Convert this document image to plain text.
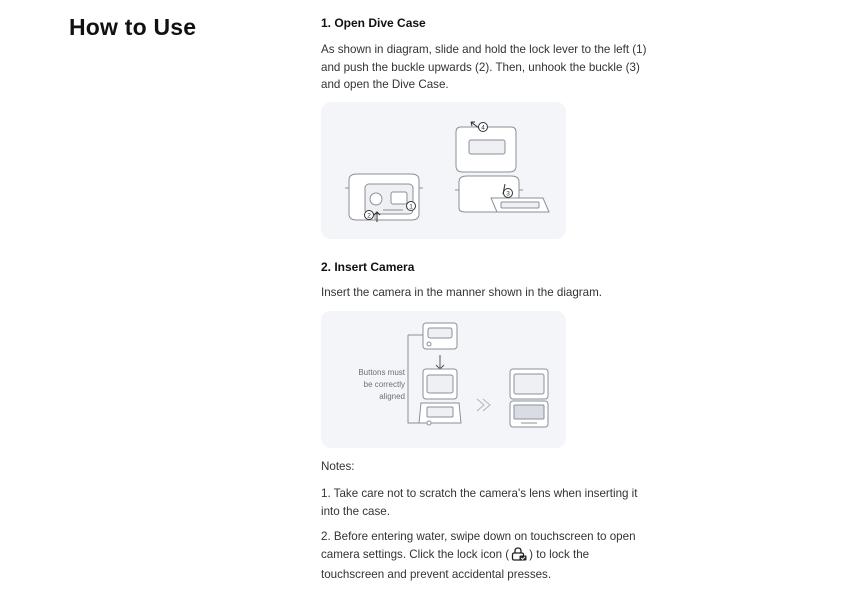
How to Use	1. Open Dive Case

As shown in diagram, slide and hold the lock lever to the left (1) and push the buckle upwards (2). Then, unhook the buckle (3) and open the Dive Case.

1
2
3
4
2. Insert Camera

Insert the camera in the manner shown in the diagram.

Buttons must
be correctly
aligned

Notes:

1. Take care not to scratch the camera's lens when inserting it into the case.

2. Before entering water, swipe down on touchscreen to open camera settings. Click the lock icon ( ) to lock the touchscreen and prevent accidental presses.
